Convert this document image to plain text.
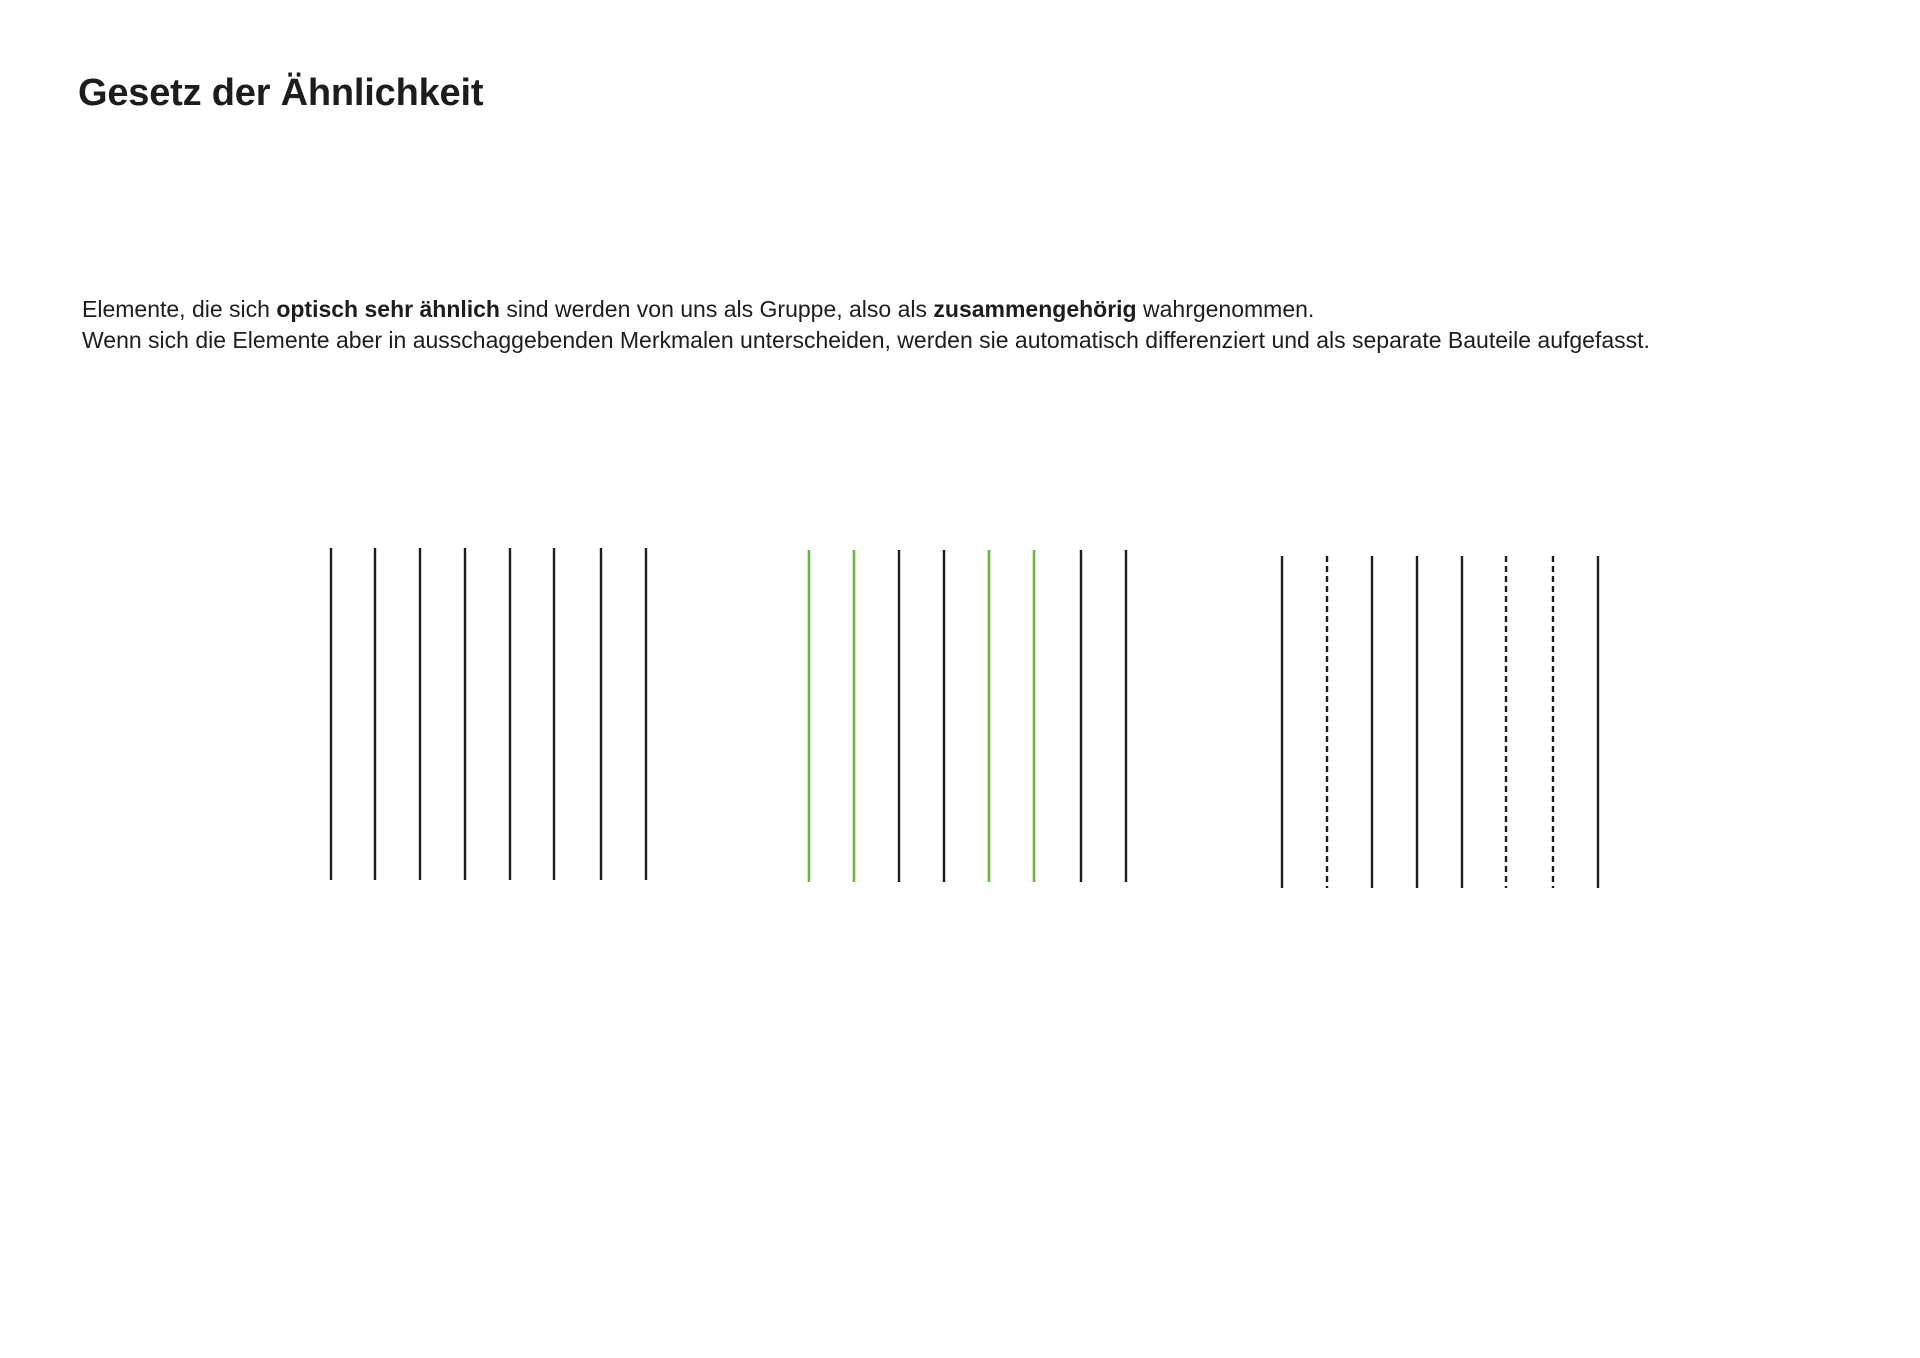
Gesetz der Ähnlichkeit

Elemente, die sich optisch sehr ähnlich sind werden von uns als Gruppe, also als zusammengehörig wahrgenommen.

Wenn sich die Elemente aber in ausschaggebenden Merkmalen unterscheiden, werden sie automatisch differenziert und als separate Bauteile aufgefasst.
